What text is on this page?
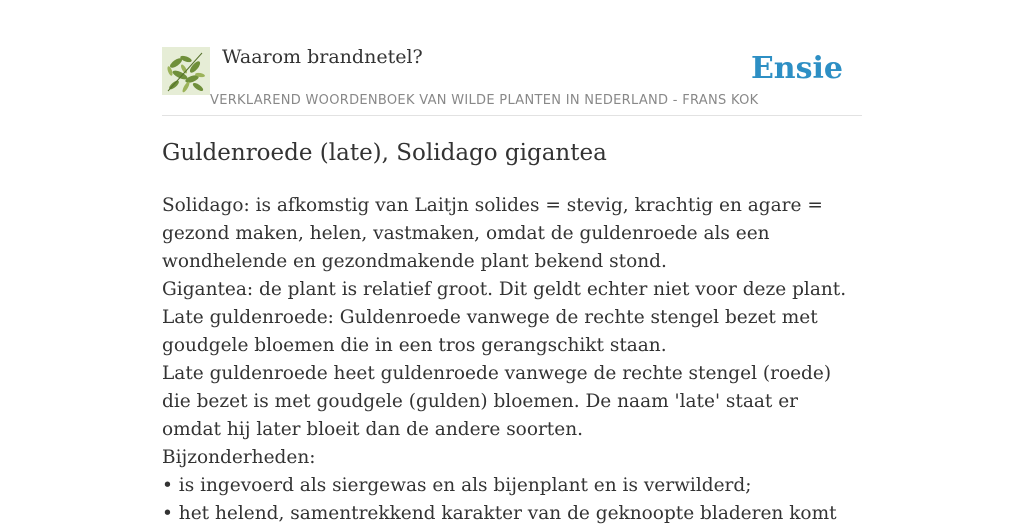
Waarom brandnetel?	Ensie
VERKLAREND WOORDENBOEK VAN WILDE PLANTEN IN NEDERLAND - FRANS KOK
Guldenroede (late), Solidago gigantea
Solidago: is afkomstig van Laitjn solides = stevig, krachtig en agare = gezond maken, helen, vastmaken, omdat de guldenroede als een wondhelende en gezondmakende plant bekend stond.
Gigantea: de plant is relatief groot. Dit geldt echter niet voor deze plant.
Late guldenroede: Guldenroede vanwege de rechte stengel bezet met goudgele bloemen die in een tros gerangschikt staan.
Late guldenroede heet guldenroede vanwege de rechte stengel (roede) die bezet is met goudgele (gulden) bloemen. De naam 'late' staat er omdat hij later bloeit dan de andere soorten.
Bijzonderheden:
• is ingevoerd als siergewas en als bijenplant en is verwilderd;
• het helend, samentrekkend karakter van de geknoopte bladeren komt
